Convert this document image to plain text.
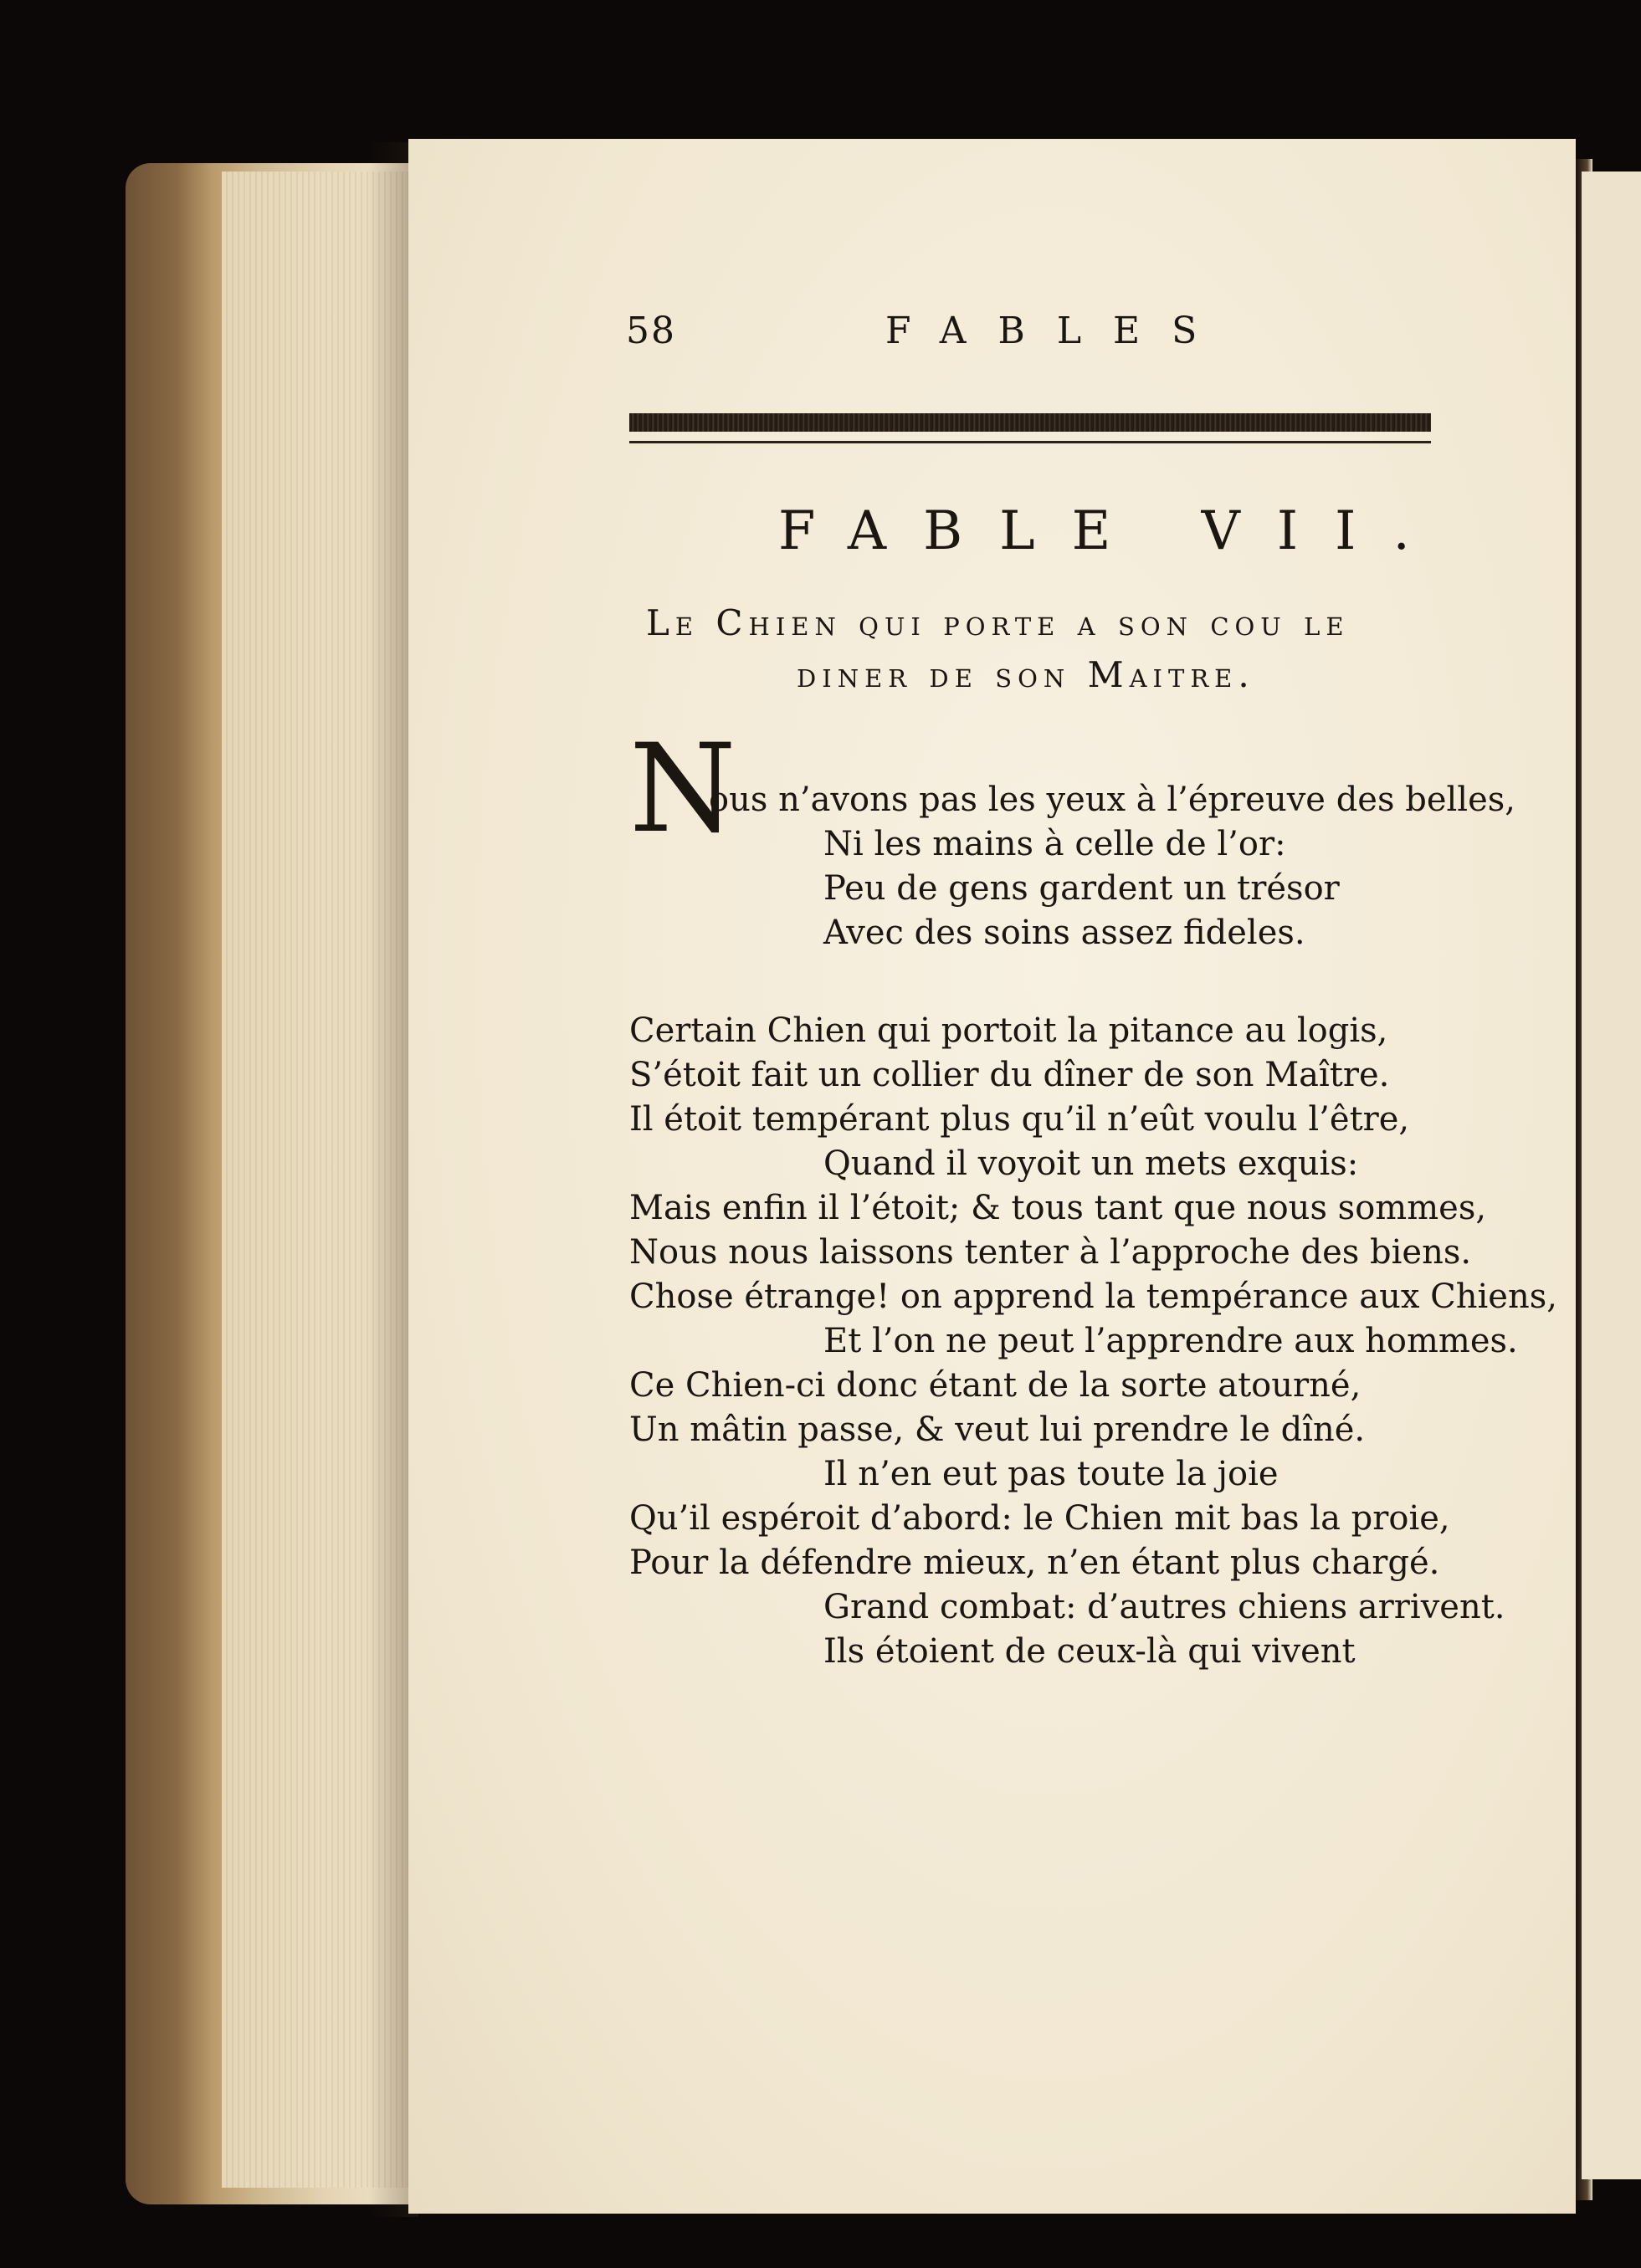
58	FABLES
FABLE VII.
Le Chien qui porte a son cou le
diner de son Maitre.
N
ous n’avons pas les yeux à l’épreuve des belles,
Ni les mains à celle de l’or:
Peu de gens gardent un trésor
Avec des soins assez fideles.
Certain Chien qui portoit la pitance au logis,
S’étoit fait un collier du dîner de son Maître.
Il étoit tempérant plus qu’il n’eût voulu l’être,
Quand il voyoit un mets exquis:
Mais enfin il l’étoit; & tous tant que nous sommes,
Nous nous laissons tenter à l’approche des biens.
Chose étrange! on apprend la tempérance aux Chiens,
Et l’on ne peut l’apprendre aux hommes.
Ce Chien-ci donc étant de la sorte atourné,
Un mâtin passe, & veut lui prendre le dîné.
Il n’en eut pas toute la joie
Qu’il espéroit d’abord: le Chien mit bas la proie,
Pour la défendre mieux, n’en étant plus chargé.
Grand combat: d’autres chiens arrivent.
Ils étoient de ceux-là qui vivent
